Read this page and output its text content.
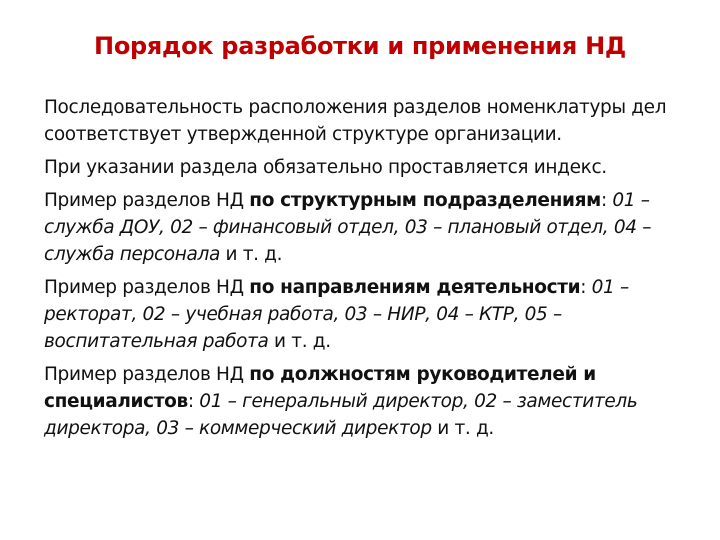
Порядок разработки и применения НД

Последовательность расположения разделов номенклатуры дел соответствует утвержденной структуре организации.

При указании раздела обязательно проставляется индекс.

Пример разделов НД по структурным подразделениям: 01 – служба ДОУ, 02 – финансовый отдел, 03 – плановый отдел, 04 – служба персонала и т. д.

Пример разделов НД по направлениям деятельности: 01 – ректорат, 02 – учебная работа, 03 – НИР, 04 – КТР, 05 – воспитательная работа и т. д.

Пример разделов НД по должностям руководителей и специалистов: 01 – генеральный директор, 02 – заместитель директора, 03 – коммерческий директор и т. д.
